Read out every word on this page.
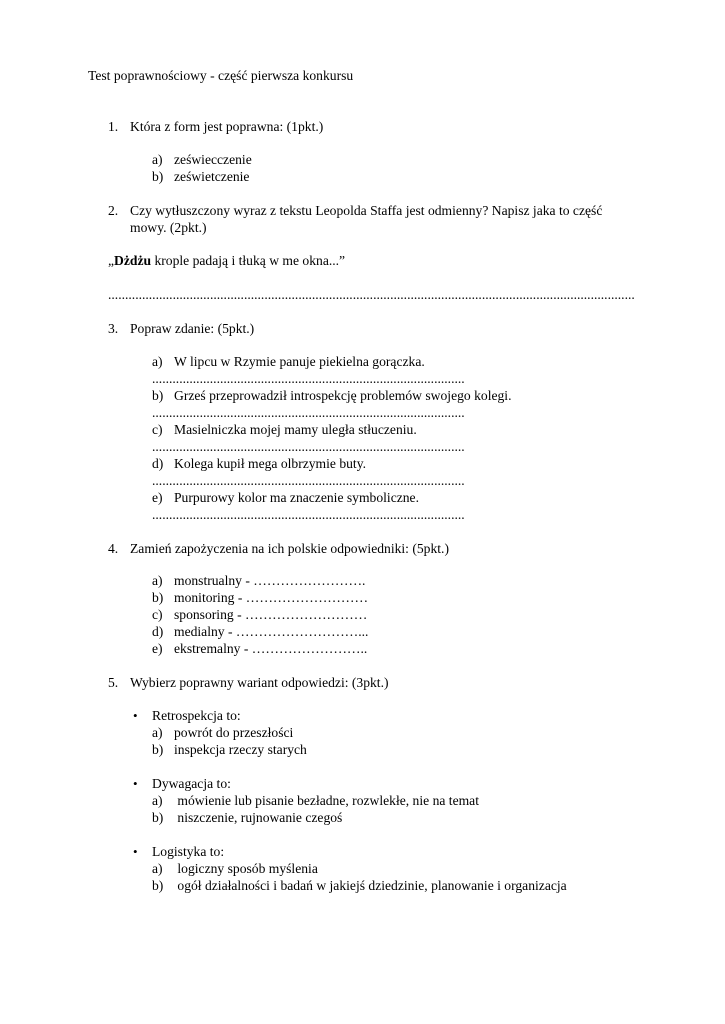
Test poprawnościowy - część pierwsza konkursu
1. Która z form jest poprawna: (1pkt.)
a) zeświecczenie
b) ześwietczenie
2. Czy wytłuszczony wyraz z tekstu Leopolda Staffa jest odmienny? Napisz jaka to część
mowy. (2pkt.)
„Dżdżu krople padają i tłuką w me okna...”
...........................................................................................................................................................
3. Popraw zdanie: (5pkt.)
a) W lipcu w Rzymie panuje piekielna gorączka.
............................................................................................
b) Grześ przeprowadził introspekcję problemów swojego kolegi.
............................................................................................
c) Masielniczka mojej mamy uległa stłuczeniu.
............................................................................................
d) Kolega kupił mega olbrzymie buty.
............................................................................................
e) Purpurowy kolor ma znaczenie symboliczne.
............................................................................................
4. Zamień zapożyczenia na ich polskie odpowiedniki: (5pkt.)
a) monstrualny - …………………….
b) monitoring - ………………………
c) sponsoring - ………………………
d) medialny - ………………………...
e) ekstremalny - ……………………..
5. Wybierz poprawny wariant odpowiedzi: (3pkt.)
• Retrospekcja to:
a) powrót do przeszłości
b) inspekcja rzeczy starych
• Dywagacja to:
a) mówienie lub pisanie bezładne, rozwlekłe, nie na temat
b) niszczenie, rujnowanie czegoś
• Logistyka to:
a) logiczny sposób myślenia
b) ogół działalności i badań w jakiejś dziedzinie, planowanie i organizacja
